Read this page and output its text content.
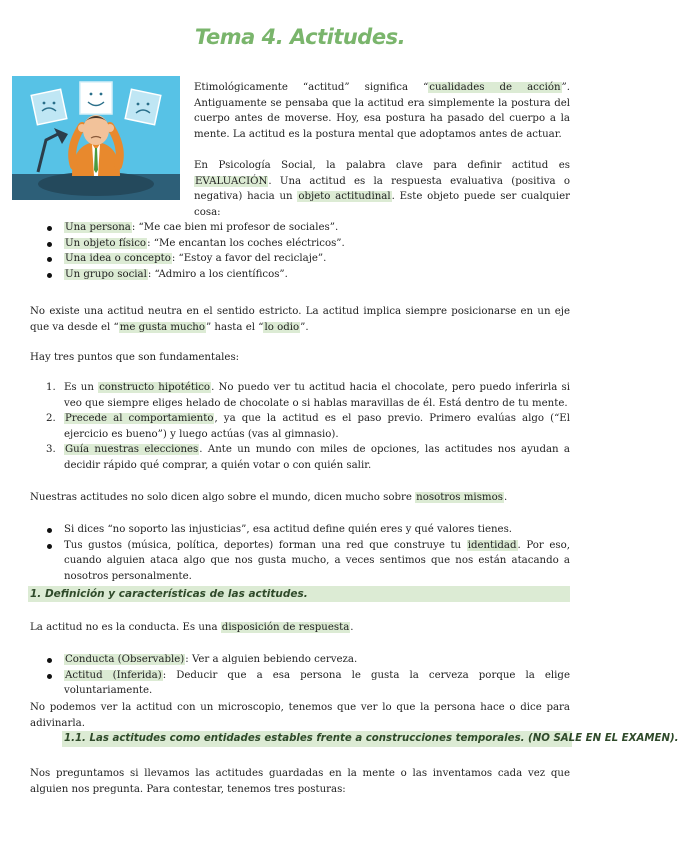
Tema 4. Actitudes.
Etimológicamente “actitud” significa “cualidades de acción”. Antiguamente se pensaba que la actitud era simplemente la postura del cuerpo antes de moverse. Hoy, esa postura ha pasado del cuerpo a la mente. La actitud es la postura mental que adoptamos antes de actuar.
En Psicología Social, la palabra clave para definir actitud es EVALUACIÓN. Una actitud es la respuesta evaluativa (positiva o negativa) hacia un objeto actitudinal. Este objeto puede ser cualquier cosa:
Una persona: “Me cae bien mi profesor de sociales”.
Un objeto físico: “Me encantan los coches eléctricos”.
Una idea o concepto: “Estoy a favor del reciclaje”.
Un grupo social: “Admiro a los científicos”.
No existe una actitud neutra en el sentido estricto. La actitud implica siempre posicionarse en un eje que va desde el “me gusta mucho” hasta el “lo odio”.
Hay tres puntos que son fundamentales:
1. Es un constructo hipotético. No puedo ver tu actitud hacia el chocolate, pero puedo inferirla si veo que siempre eliges helado de chocolate o si hablas maravillas de él. Está dentro de tu mente.
2. Precede al comportamiento, ya que la actitud es el paso previo. Primero evalúas algo (“El ejercicio es bueno”) y luego actúas (vas al gimnasio).
3. Guía nuestras elecciones. Ante un mundo con miles de opciones, las actitudes nos ayudan a decidir rápido qué comprar, a quién votar o con quién salir.
Nuestras actitudes no solo dicen algo sobre el mundo, dicen mucho sobre nosotros mismos.
Si dices “no soporto las injusticias”, esa actitud define quién eres y qué valores tienes.
Tus gustos (música, política, deportes) forman una red que construye tu identidad. Por eso, cuando alguien ataca algo que nos gusta mucho, a veces sentimos que nos están atacando a nosotros personalmente.
1. Definición y características de las actitudes.
La actitud no es la conducta. Es una disposición de respuesta.
Conducta (Observable): Ver a alguien bebiendo cerveza.
Actitud (Inferida): Deducir que a esa persona le gusta la cerveza porque la elige voluntariamente.
No podemos ver la actitud con un microscopio, tenemos que ver lo que la persona hace o dice para adivinarla.
1.1. Las actitudes como entidades estables frente a construcciones temporales. (NO SALE EN EL EXAMEN).
Nos preguntamos si llevamos las actitudes guardadas en la mente o las inventamos cada vez que alguien nos pregunta. Para contestar, tenemos tres posturas:
